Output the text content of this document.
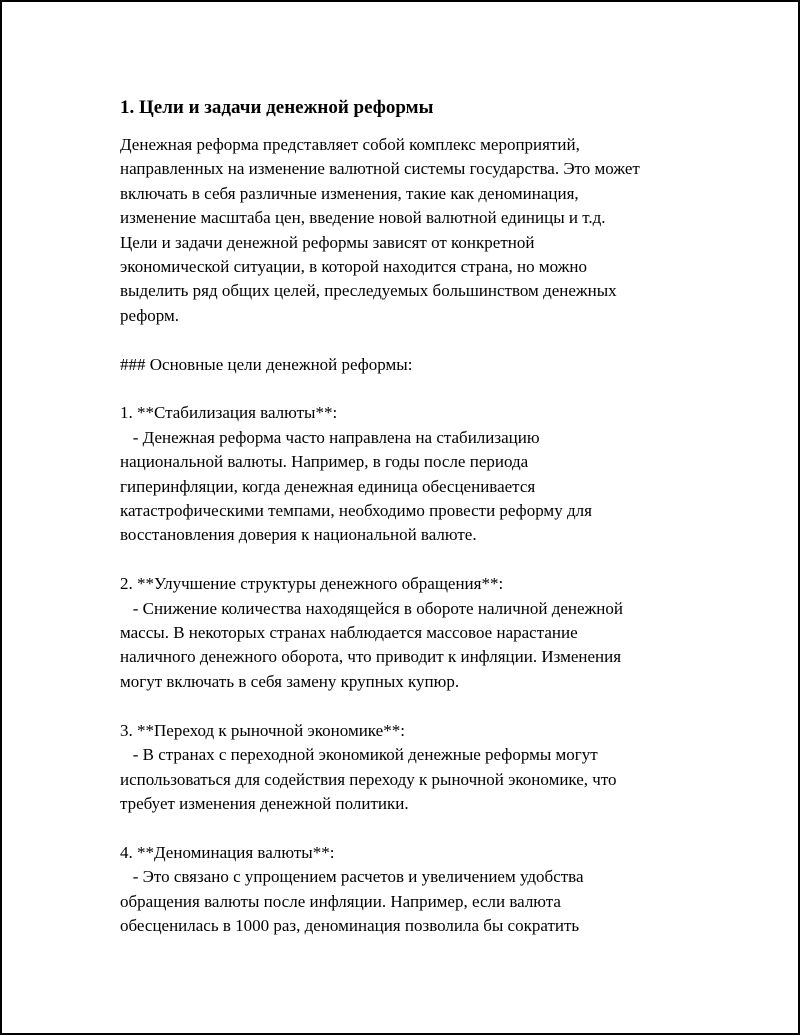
1. Цели и задачи денежной реформы

Денежная реформа представляет собой комплекс мероприятий,
направленных на изменение валютной системы государства. Это может
включать в себя различные изменения, такие как деноминация,
изменение масштаба цен, введение новой валютной единицы и т.д.
Цели и задачи денежной реформы зависят от конкретной
экономической ситуации, в которой находится страна, но можно
выделить ряд общих целей, преследуемых большинством денежных
реформ.

### Основные цели денежной реформы:

1. **Стабилизация валюты**:
- Денежная реформа часто направлена на стабилизацию
национальной валюты. Например, в годы после периода
гиперинфляции, когда денежная единица обесценивается
катастрофическими темпами, необходимо провести реформу для
восстановления доверия к национальной валюте.

2. **Улучшение структуры денежного обращения**:
- Снижение количества находящейся в обороте наличной денежной
массы. В некоторых странах наблюдается массовое нарастание
наличного денежного оборота, что приводит к инфляции. Изменения
могут включать в себя замену крупных купюр.

3. **Переход к рыночной экономике**:
- В странах с переходной экономикой денежные реформы могут
использоваться для содействия переходу к рыночной экономике, что
требует изменения денежной политики.

4. **Деноминация валюты**:
- Это связано с упрощением расчетов и увеличением удобства
обращения валюты после инфляции. Например, если валюта
обесценилась в 1000 раз, деноминация позволила бы сократить
